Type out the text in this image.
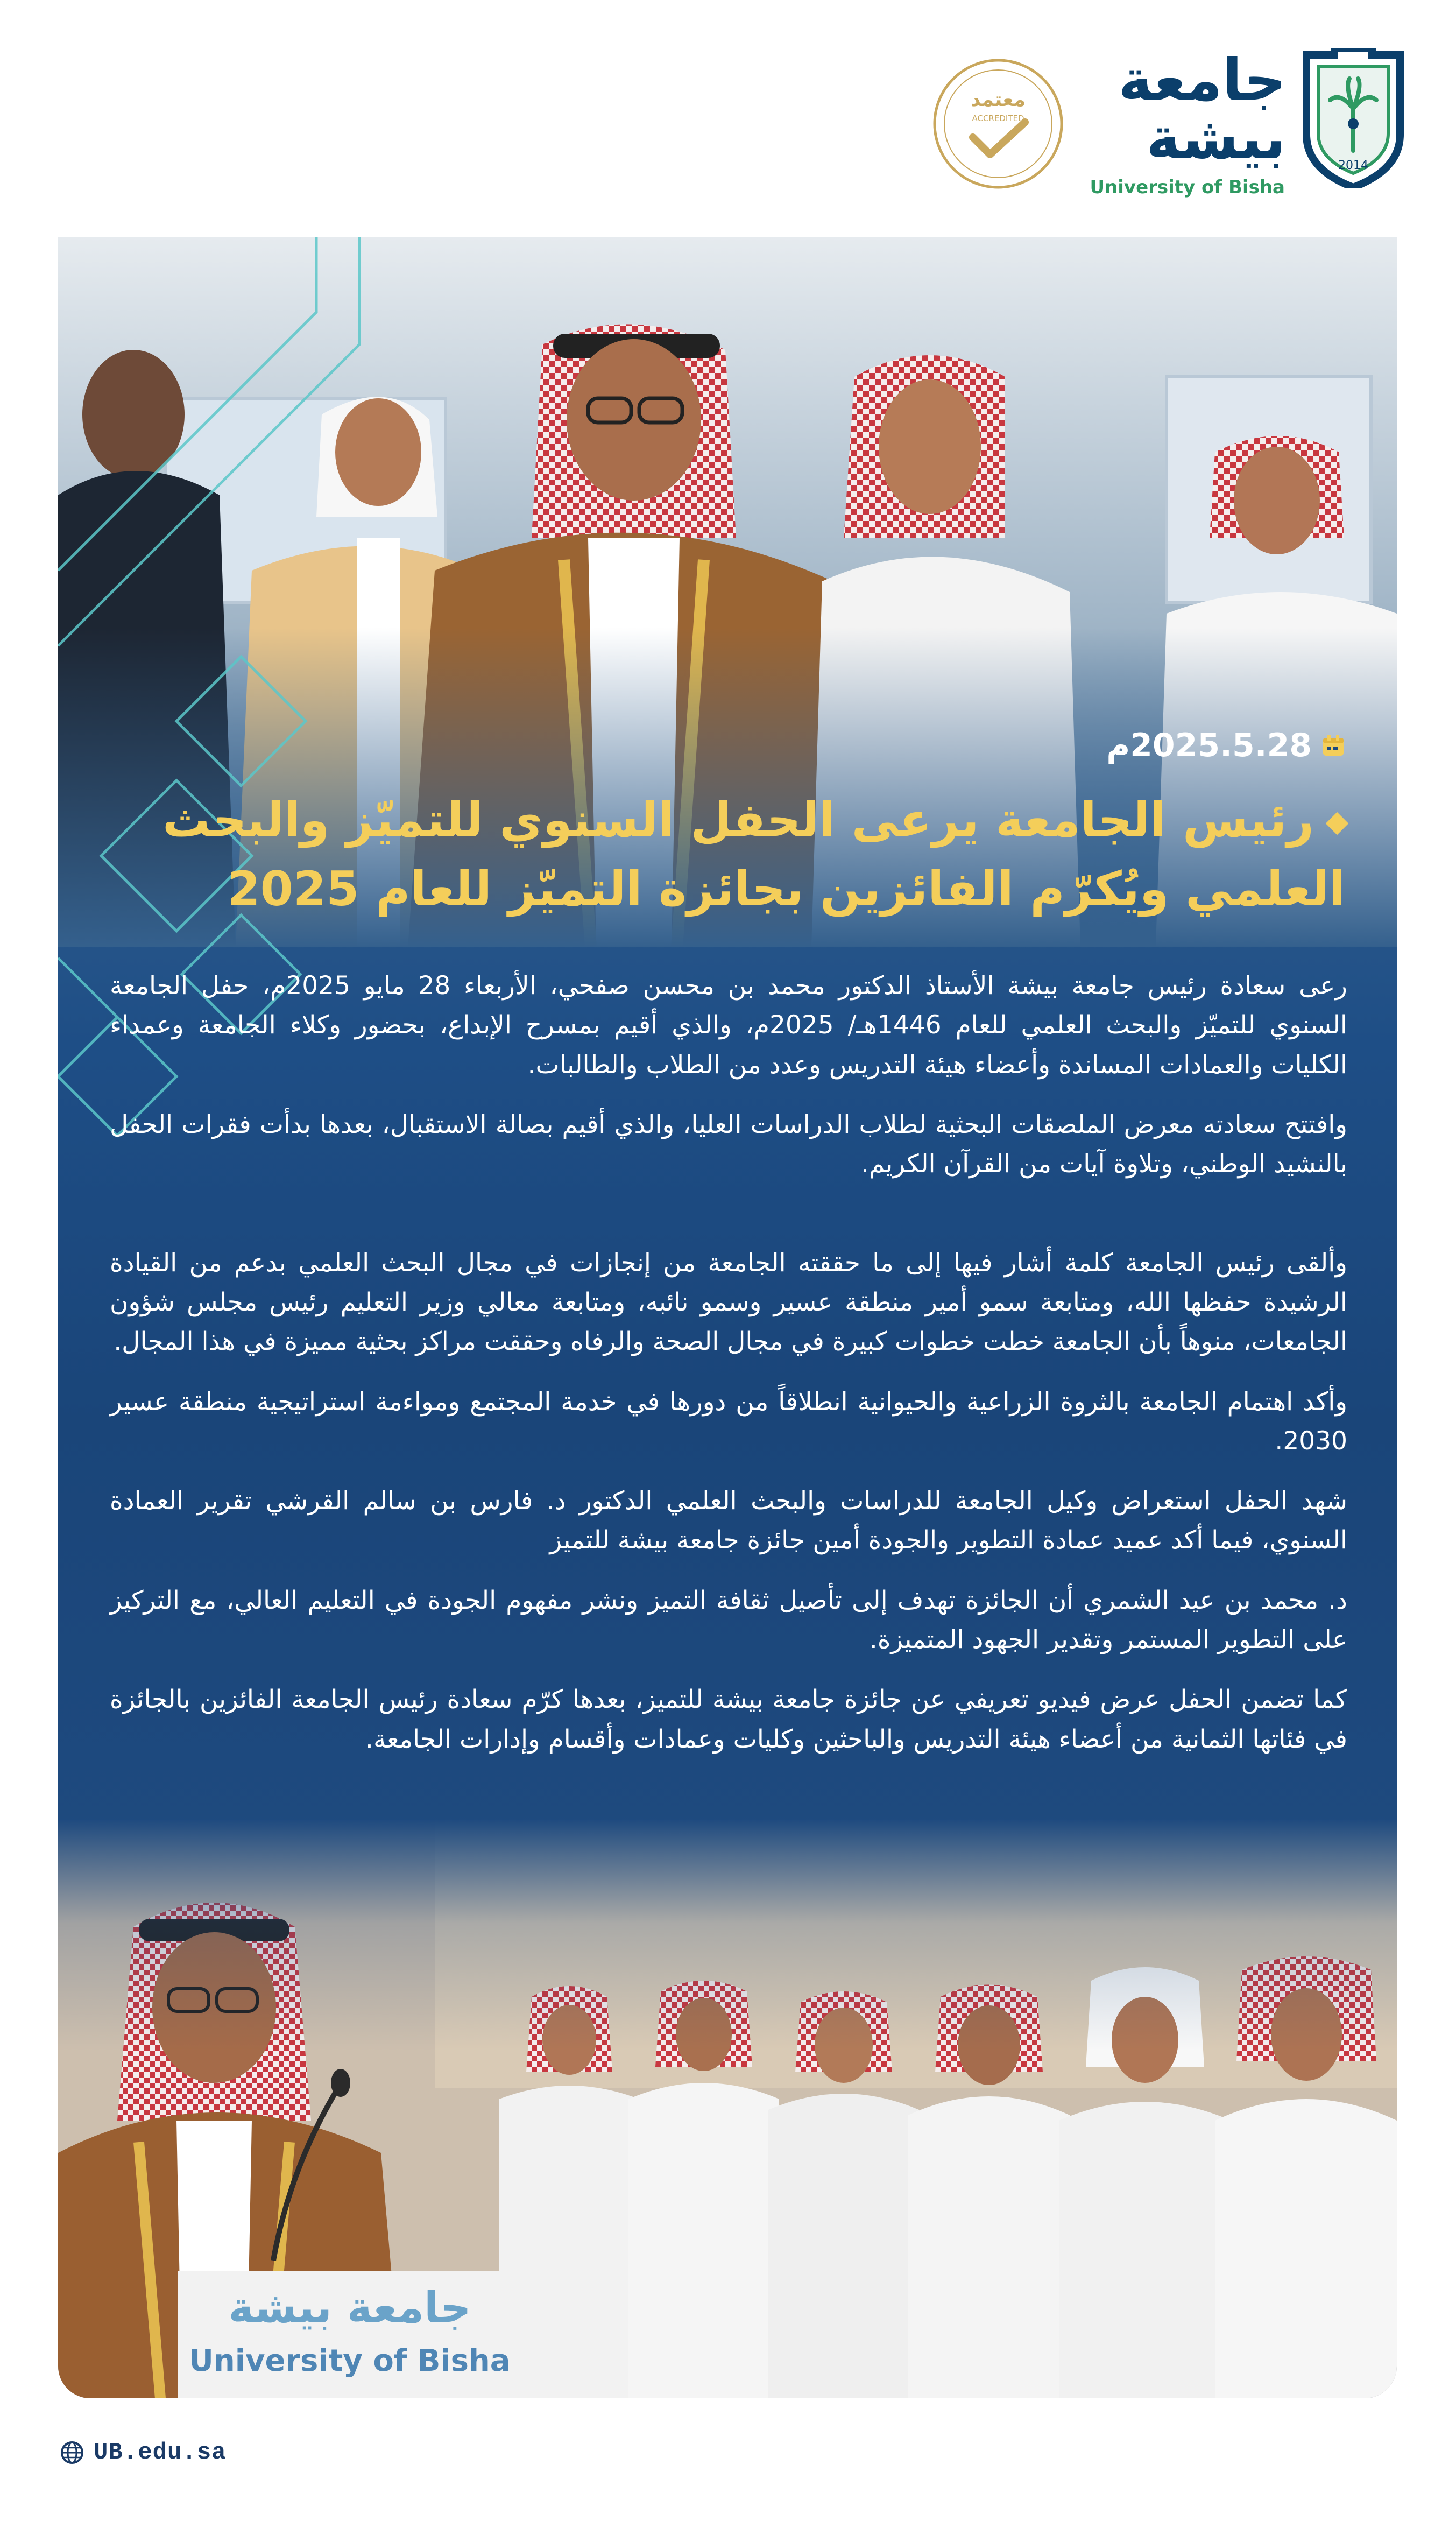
2014
جامعة
بيشة
University of Bisha
معتمد
ACCREDITED
2025.5.28م
رئيس الجامعة يرعى الحفل السنوي للتميّز والبحث
العلمي ويُكرّم الفائزين بجائزة التميّز للعام 2025

رعى سعادة رئيس جامعة بيشة الأستاذ الدكتور محمد بن محسن صفحي، الأربعاء 28 مايو 2025م، حفل الجامعة السنوي للتميّز والبحث العلمي للعام 1446هـ/ 2025م، والذي أقيم بمسرح الإبداع، بحضور وكلاء الجامعة وعمداء الكليات والعمادات المساندة وأعضاء هيئة التدريس وعدد من الطلاب والطالبات.

وافتتح سعادته معرض الملصقات البحثية لطلاب الدراسات العليا، والذي أقيم بصالة الاستقبال، بعدها بدأت فقرات الحفل بالنشيد الوطني، وتلاوة آيات من القرآن الكريم.

وألقى رئيس الجامعة كلمة أشار فيها إلى ما حققته الجامعة من إنجازات في مجال البحث العلمي بدعم من القيادة الرشيدة حفظها الله، ومتابعة سمو أمير منطقة عسير وسمو نائبه، ومتابعة معالي وزير التعليم رئيس مجلس شؤون الجامعات، منوهاً بأن الجامعة خطت خطوات كبيرة في مجال الصحة والرفاه وحققت مراكز بحثية مميزة في هذا المجال.

وأكد اهتمام الجامعة بالثروة الزراعية والحيوانية انطلاقاً من دورها في خدمة المجتمع ومواءمة استراتيجية منطقة عسير 2030.

شهد الحفل استعراض وكيل الجامعة للدراسات والبحث العلمي الدكتور د. فارس بن سالم القرشي تقرير العمادة السنوي، فيما أكد عميد عمادة التطوير والجودة أمين جائزة جامعة بيشة للتميز

د. محمد بن عيد الشمري أن الجائزة تهدف إلى تأصيل ثقافة التميز ونشر مفهوم الجودة في التعليم العالي، مع التركيز على التطوير المستمر وتقدير الجهود المتميزة.

كما تضمن الحفل عرض فيديو تعريفي عن جائزة جامعة بيشة للتميز، بعدها كرّم سعادة رئيس الجامعة الفائزين بالجائزة في فئاتها الثمانية من أعضاء هيئة التدريس والباحثين وكليات وعمادات وأقسام وإدارات الجامعة.

UB.edu.sa
